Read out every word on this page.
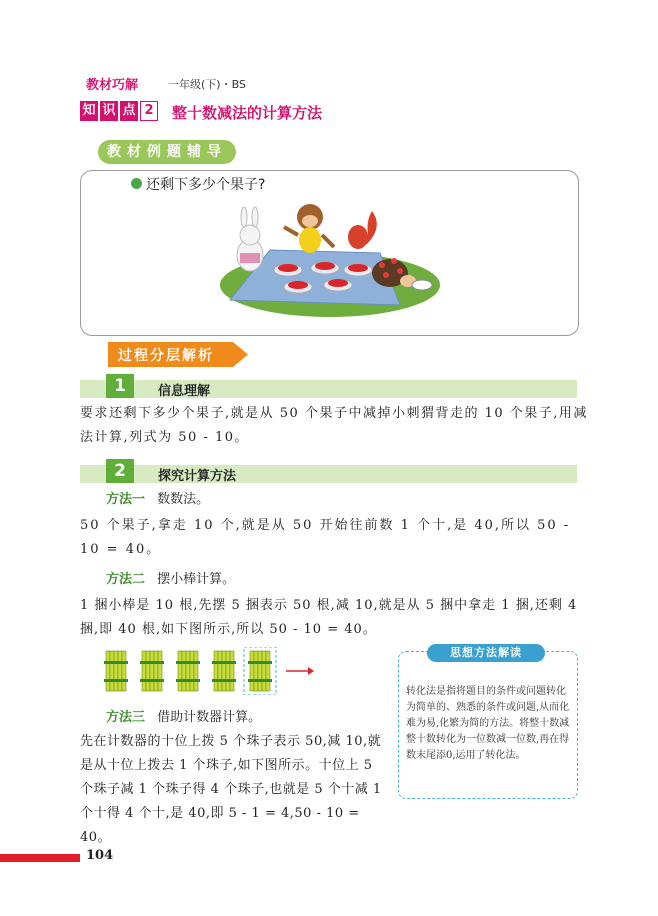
教材巧解	一年级(下)・BS
知 识 点 2 整十数减法的计算方法
教材例题辅导
还剩下多少个果子?
过程分层解析
1	信息理解
要求还剩下多少个果子,就是从 50 个果子中减掉小刺猬背走的 10 个果子,用减法计算,列式为 50 - 10。
2	探究计算方法
方法一 数数法。
50 个果子,拿走 10 个,就是从 50 开始往前数 1 个十,是 40,所以 50 - 10 = 40。
方法二 摆小棒计算。
1 捆小棒是 10 根,先摆 5 捆表示 50 根,减 10,就是从 5 捆中拿走 1 捆,还剩 4 捆,即 40 根,如下图所示,所以 50 - 10 = 40。
方法三 借助计数器计算。
先在计数器的十位上拨 5 个珠子表示 50,减 10,就是从十位上拨去 1 个珠子,如下图所示。十位上 5 个珠子减 1 个珠子得 4 个珠子,也就是 5 个十减 1 个十得 4 个十,是 40,即 5 - 1 = 4,50 - 10 = 40。
思想方法解读
转化法是指将题目的条件或问题转化为简单的、熟悉的条件或问题,从而化难为易,化繁为简的方法。将整十数减整十数转化为一位数减一位数,再在得数末尾添0,运用了转化法。
104
